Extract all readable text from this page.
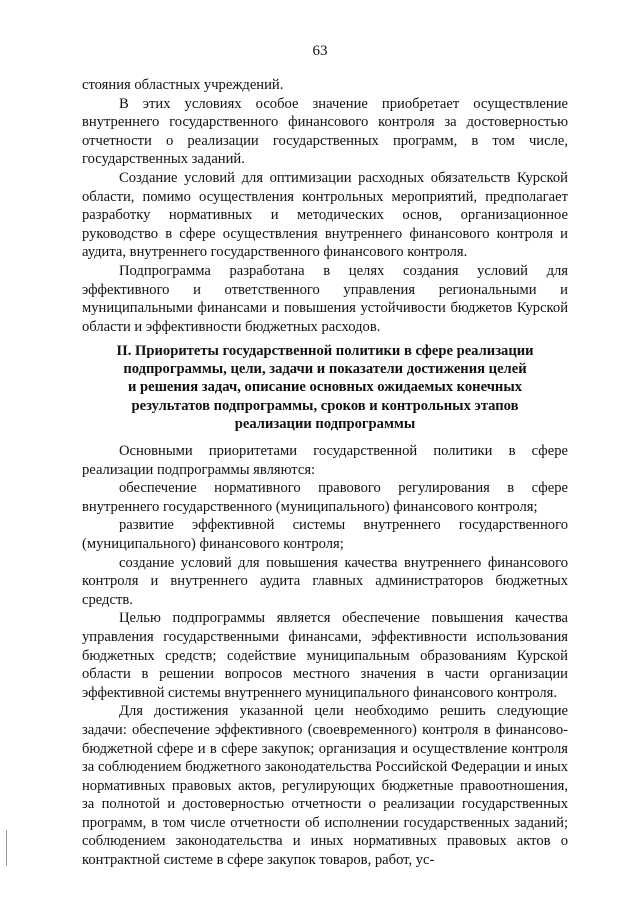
63

стояния областных учреждений.

В этих условиях особое значение приобретает осуществление внутреннего государственного финансового контроля за достоверностью отчетности о реализации государственных программ, в том числе, государственных заданий.

Создание условий для оптимизации расходных обязательств Курской области, помимо осуществления контрольных мероприятий, предполагает разработку нормативных и методических основ, организационное руководство в сфере осуществления внутреннего финансового контроля и аудита, внутреннего государственного финансового контроля.

Подпрограмма разработана в целях создания условий для эффективного и ответственного управления региональными и муниципальными финансами и повышения устойчивости бюджетов Курской области и эффективности бюджетных расходов.

II. Приоритеты государственной политики в сфере реализации

подпрограммы, цели, задачи и показатели достижения целей

и решения задач, описание основных ожидаемых конечных

результатов подпрограммы, сроков и контрольных этапов

реализации подпрограммы

Основными приоритетами государственной политики в сфере реализации подпрограммы являются:

обеспечение нормативного правового регулирования в сфере внутреннего государственного (муниципального) финансового контроля;

развитие эффективной системы внутреннего государственного (муниципального) финансового контроля;

создание условий для повышения качества внутреннего финансового контроля и внутреннего аудита главных администраторов бюджетных средств.

Целью подпрограммы является обеспечение повышения качества управления государственными финансами, эффективности использования бюджетных средств; содействие муниципальным образованиям Курской области в решении вопросов местного значения в части организации эффективной системы внутреннего муниципального финансового контроля.

Для достижения указанной цели необходимо решить следующие задачи: обеспечение эффективного (своевременного) контроля в финансово-бюджетной сфере и в сфере закупок; организация и осуществление контроля за соблюдением бюджетного законодательства Российской Федерации и иных нормативных правовых актов, регулирующих бюджетные правоотношения, за полнотой и достоверностью отчетности о реализации государственных программ, в том числе отчетности об исполнении государственных заданий; соблюдением законодательства и иных нормативных правовых актов о контрактной системе в сфере закупок товаров, работ, ус-
